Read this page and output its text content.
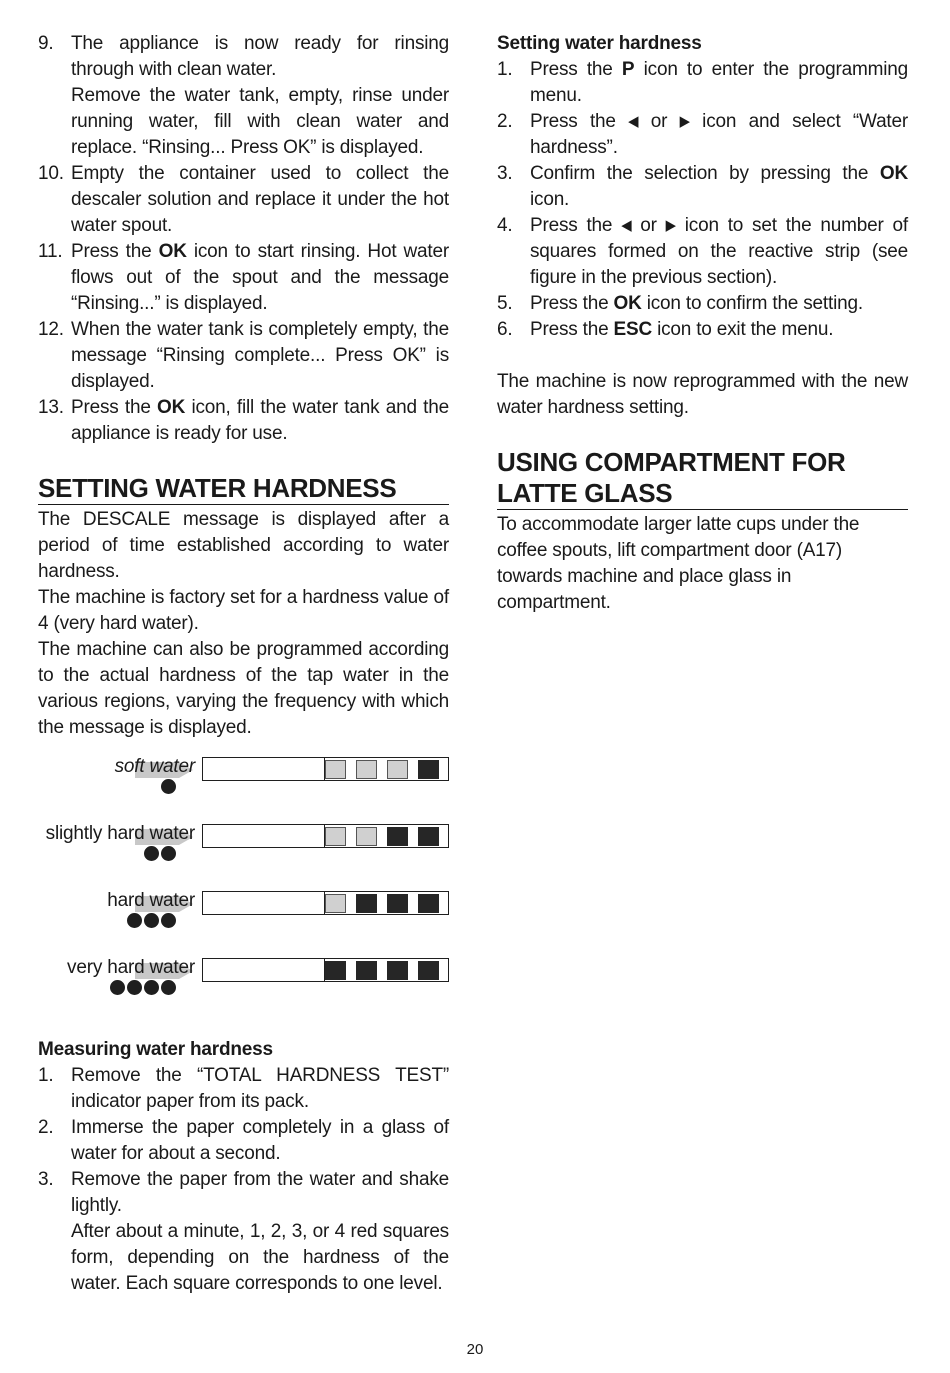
9. The appliance is now ready for rinsing through with clean water.

Remove the water tank, empty, rinse under running water, fill with clean water and replace. “Rinsing... Press OK” is displayed.

10. Empty the container used to collect the descaler solution and replace it under the hot water spout.

11. Press the OK icon to start rinsing. Hot water flows out of the spout and the message “Rinsing...” is displayed.

12. When the water tank is completely empty, the message “Rinsing complete... Press OK” is displayed.

13. Press the OK icon, fill the water tank and the appliance is ready for use.

SETTING WATER HARDNESS

The DESCALE message is displayed after a period of time established according to water hardness.

The machine is factory set for a hardness value of 4 (very hard water).

The machine can also be programmed according to the actual hardness of the tap water in the various regions, varying the frequency with which the message is displayed.

soft water
slightly hard water
hard water
very hard water
Measuring water hardness
1. Remove the “TOTAL HARDNESS TEST” indicator paper from its pack.

2. Immerse the paper completely in a glass of water for about a second.

3. Remove the paper from the water and shake lightly.

After about a minute, 1, 2, 3, or 4 red squares form, depending on the hardness of the water. Each square corresponds to one level.

Setting water hardness
1. Press the P icon to enter the programming menu.

2. Press the ◀ or ▶ icon and select “Water hardness”.

3. Confirm the selection by pressing the OK icon.

4. Press the ◀ or ▶ icon to set the number of squares formed on the reactive strip (see figure in the previous section).

5. Press the OK icon to confirm the setting.

6. Press the ESC icon to exit the menu.

The machine is now reprogrammed with the new water hardness setting.

USING COMPARTMENT FOR LATTE GLASS

To accommodate larger latte cups under the coffee spouts, lift compartment door (A17) towards machine and place glass in compartment.

20
